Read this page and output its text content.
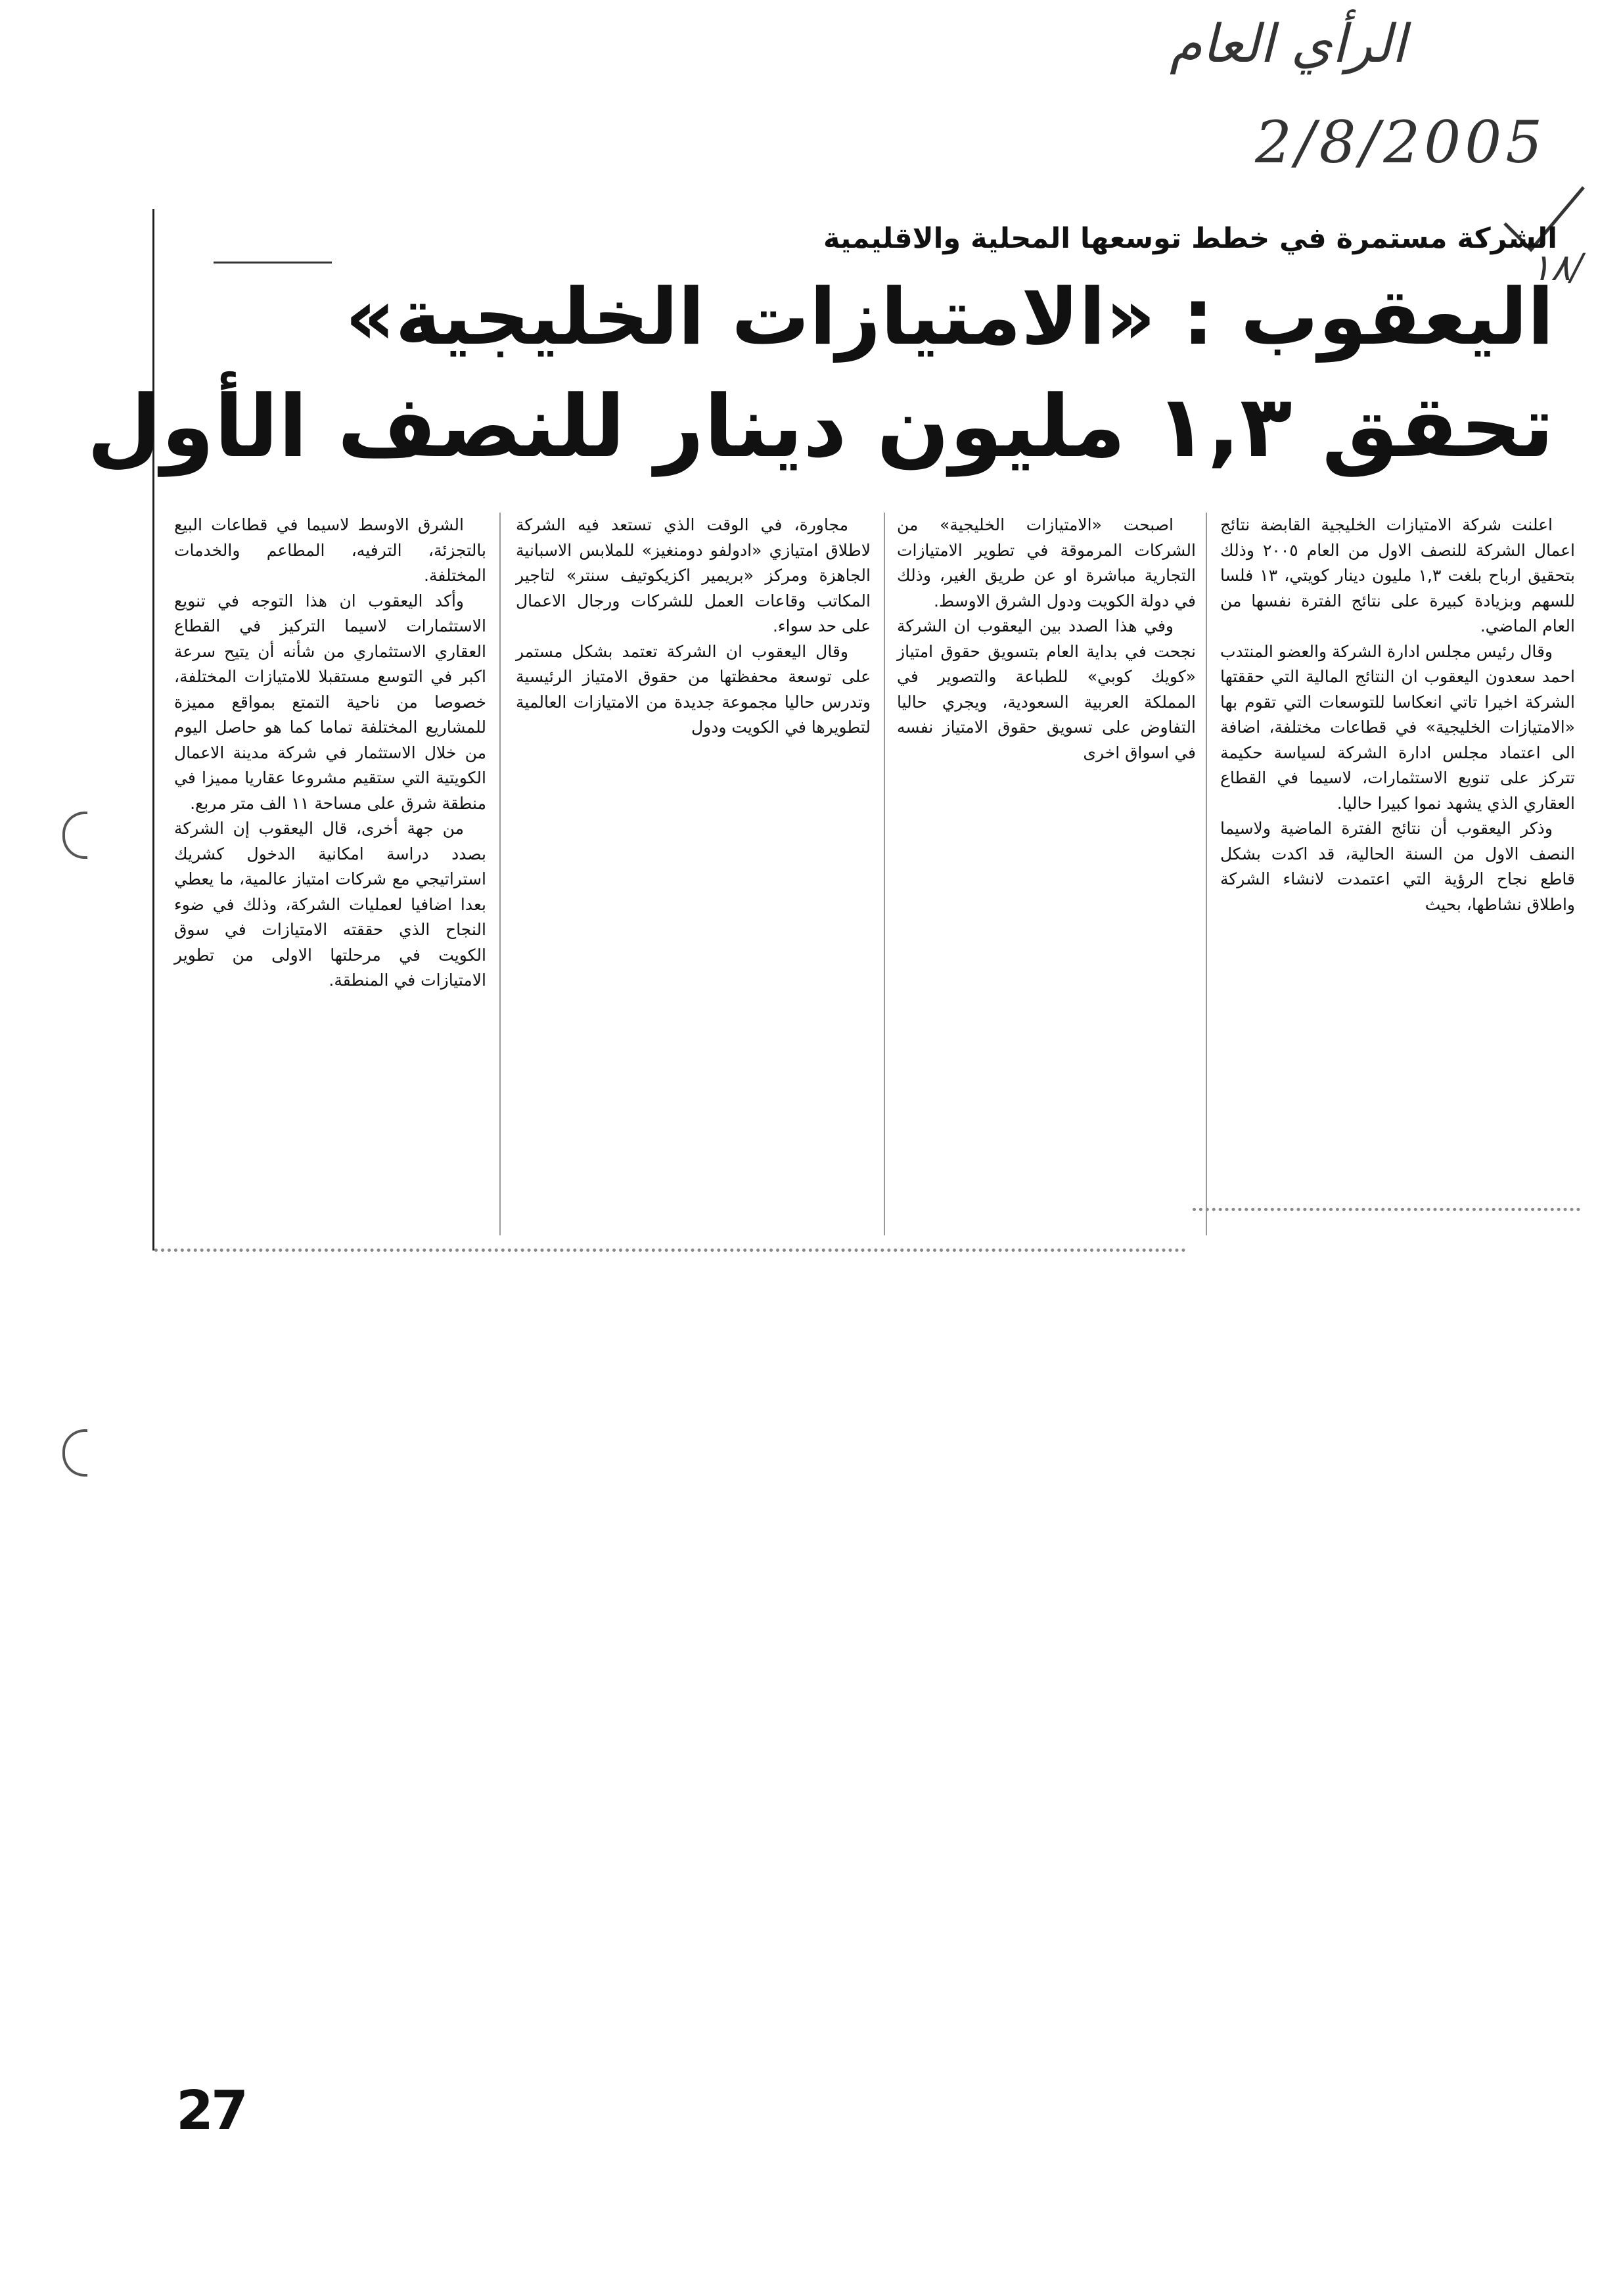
الرأي العام
2/8/2005
١٨/
الشركة مستمرة في خطط توسعها المحلية والاقليمية
اليعقوب : «الامتيازات الخليجية»
تحقق ١,٣ مليون دينار للنصف الأول

اعلنت شركة الامتيازات الخليجية القابضة نتائج اعمال الشركة للنصف الاول من العام ٢٠٠٥ وذلك بتحقيق ارباح بلغت ١,٣ مليون دينار كويتي، ١٣ فلسا للسهم وبزيادة كبيرة على نتائج الفترة نفسها من العام الماضي.

وقال رئيس مجلس ادارة الشركة والعضو المنتدب احمد سعدون اليعقوب ان النتائج المالية التي حققتها الشركة اخيرا تاتي انعكاسا للتوسعات التي تقوم بها «الامتيازات الخليجية» في قطاعات مختلفة، اضافة الى اعتماد مجلس ادارة الشركة لسياسة حكيمة تتركز على تنويع الاستثمارات، لاسيما في القطاع العقاري الذي يشهد نموا كبيرا حاليا.

وذكر اليعقوب أن نتائج الفترة الماضية ولاسيما النصف الاول من السنة الحالية، قد اكدت بشكل قاطع نجاح الرؤية التي اعتمدت لانشاء الشركة واطلاق نشاطها، بحيث

اصبحت «الامتيازات الخليجية» من الشركات المرموقة في تطوير الامتيازات التجارية مباشرة او عن طريق الغير، وذلك في دولة الكويت ودول الشرق الاوسط.

وفي هذا الصدد بين اليعقوب ان الشركة نجحت في بداية العام بتسويق حقوق امتياز «كويك كوبي» للطباعة والتصوير في المملكة العربية السعودية، ويجري حاليا التفاوض على تسويق حقوق الامتياز نفسه في اسواق اخرى

مجاورة، في الوقت الذي تستعد فيه الشركة لاطلاق امتيازي «ادولفو دومنغيز» للملابس الاسبانية الجاهزة ومركز «بريمير اكزيكوتيف سنتر» لتاجير المكاتب وقاعات العمل للشركات ورجال الاعمال على حد سواء.

وقال اليعقوب ان الشركة تعتمد بشكل مستمر على توسعة محفظتها من حقوق الامتياز الرئيسية وتدرس حاليا مجموعة جديدة من الامتيازات العالمية لتطويرها في الكويت ودول

الشرق الاوسط لاسيما في قطاعات البيع بالتجزئة، الترفيه، المطاعم والخدمات المختلفة.

وأكد اليعقوب ان هذا التوجه في تنويع الاستثمارات لاسيما التركيز في القطاع العقاري الاستثماري من شأنه أن يتيح سرعة اكبر في التوسع مستقبلا للامتيازات المختلفة، خصوصا من ناحية التمتع بمواقع مميزة للمشاريع المختلفة تماما كما هو حاصل اليوم من خلال الاستثمار في شركة مدينة الاعمال الكويتية التي ستقيم مشروعا عقاريا مميزا في منطقة شرق على مساحة ١١ الف متر مربع.

من جهة أخرى، قال اليعقوب إن الشركة بصدد دراسة امكانية الدخول كشريك استراتيجي مع شركات امتياز عالمية، ما يعطي بعدا اضافيا لعمليات الشركة، وذلك في ضوء النجاح الذي حققته الامتيازات في سوق الكويت في مرحلتها الاولى من تطوير الامتيازات في المنطقة.

27
